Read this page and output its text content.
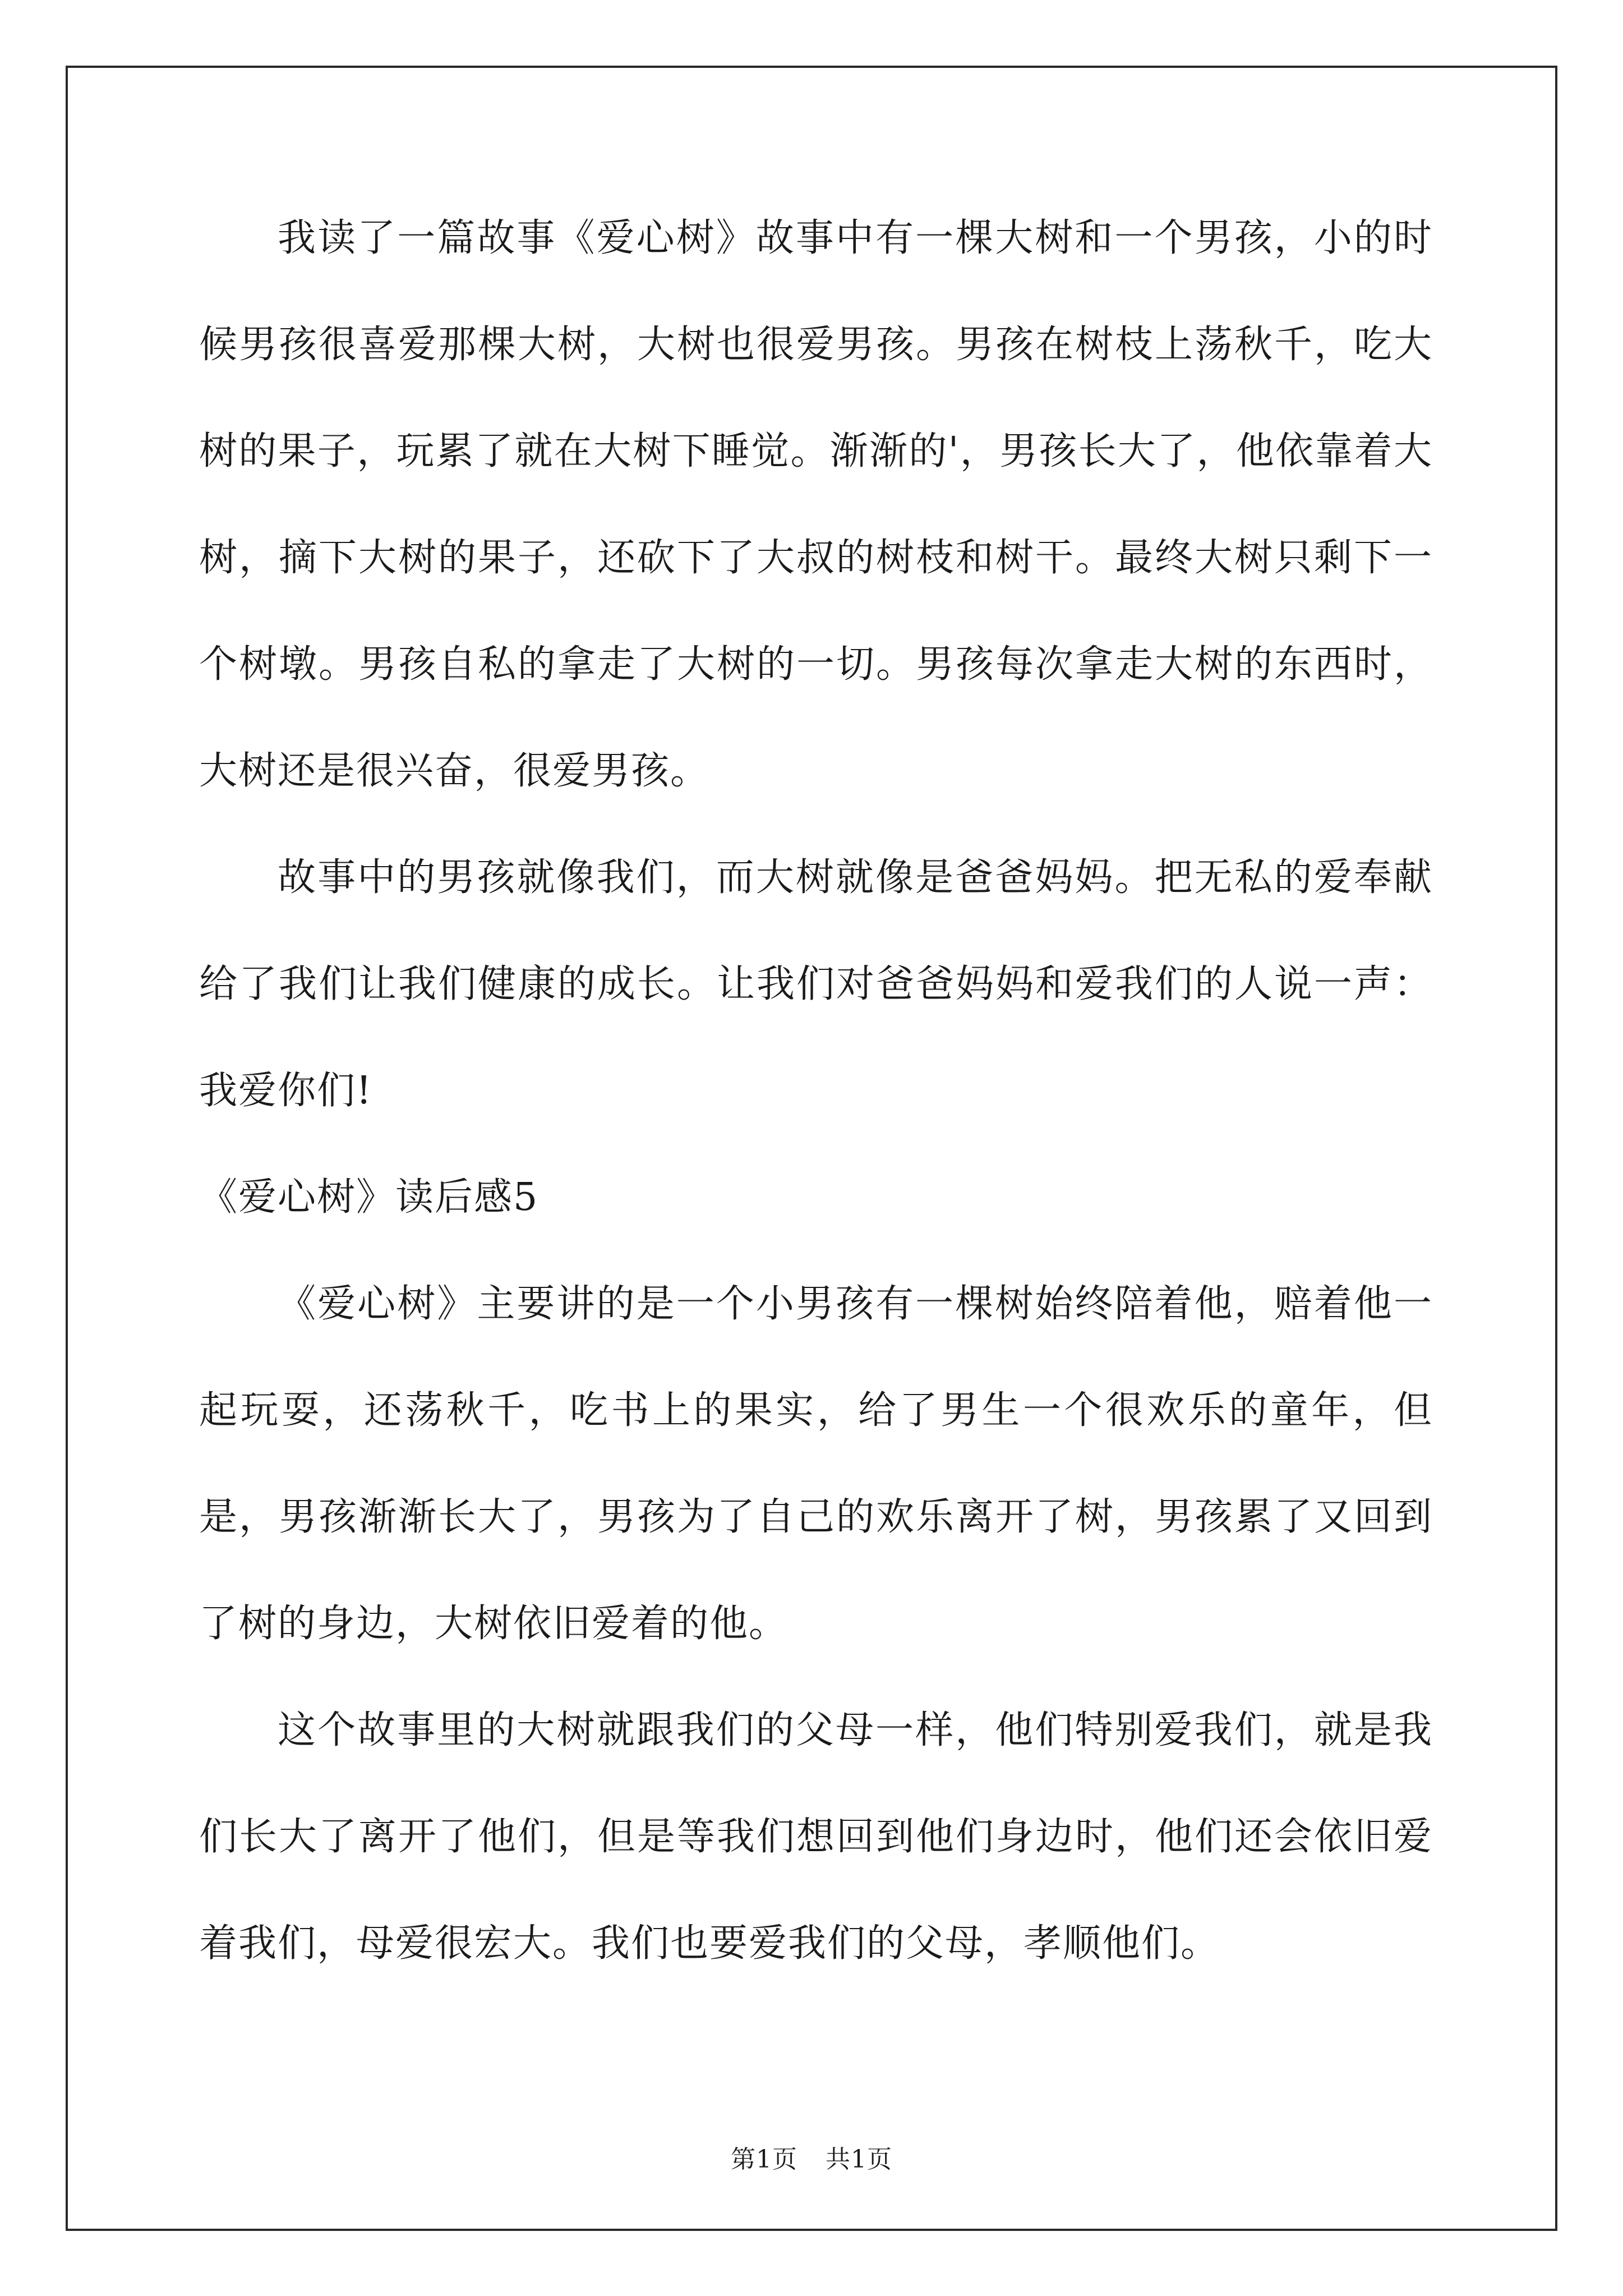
我读了一篇故事《爱心树》故事中有一棵大树和一个男孩，小的时候男孩很喜爱那棵大树，大树也很爱男孩。男孩在树枝上荡秋千，吃大树的果子，玩累了就在大树下睡觉。渐渐的'，男孩长大了，他依靠着大树，摘下大树的果子，还砍下了大叔的树枝和树干。最终大树只剩下一个树墩。男孩自私的拿走了大树的一切。男孩每次拿走大树的东西时，大树还是很兴奋，很爱男孩。

故事中的男孩就像我们，而大树就像是爸爸妈妈。把无私的爱奉献给了我们让我们健康的成长。让我们对爸爸妈妈和爱我们的人说一声：我爱你们!

《爱心树》读后感5

《爱心树》主要讲的是一个小男孩有一棵树始终陪着他，赔着他一起玩耍，还荡秋千，吃书上的果实，给了男生一个很欢乐的童年，但是，男孩渐渐长大了，男孩为了自己的欢乐离开了树，男孩累了又回到了树的身边，大树依旧爱着的他。

这个故事里的大树就跟我们的父母一样，他们特别爱我们，就是我们长大了离开了他们，但是等我们想回到他们身边时，他们还会依旧爱着我们，母爱很宏大。我们也要爱我们的父母，孝顺他们。

第1页 共1页
